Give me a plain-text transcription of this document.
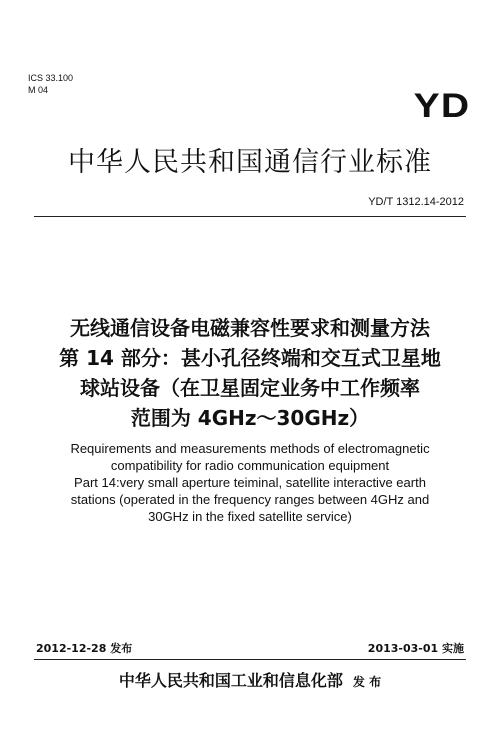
ICS 33.100
M 04	YD
中华人民共和国通信行业标准
YD/T 1312.14-2012
无线通信设备电磁兼容性要求和测量方法
第 14 部分：甚小孔径终端和交互式卫星地
球站设备（在卫星固定业务中工作频率
范围为 4GHz～30GHz）
Requirements and measurements methods of electromagnetic
compatibility for radio communication equipment
Part 14:very small aperture teiminal, satellite interactive earth
stations (operated in the frequency ranges between 4GHz and
30GHz in the fixed satellite service)
2012-12-28 发布	2013-03-01 实施
中华人民共和国工业和信息化部 发 布
